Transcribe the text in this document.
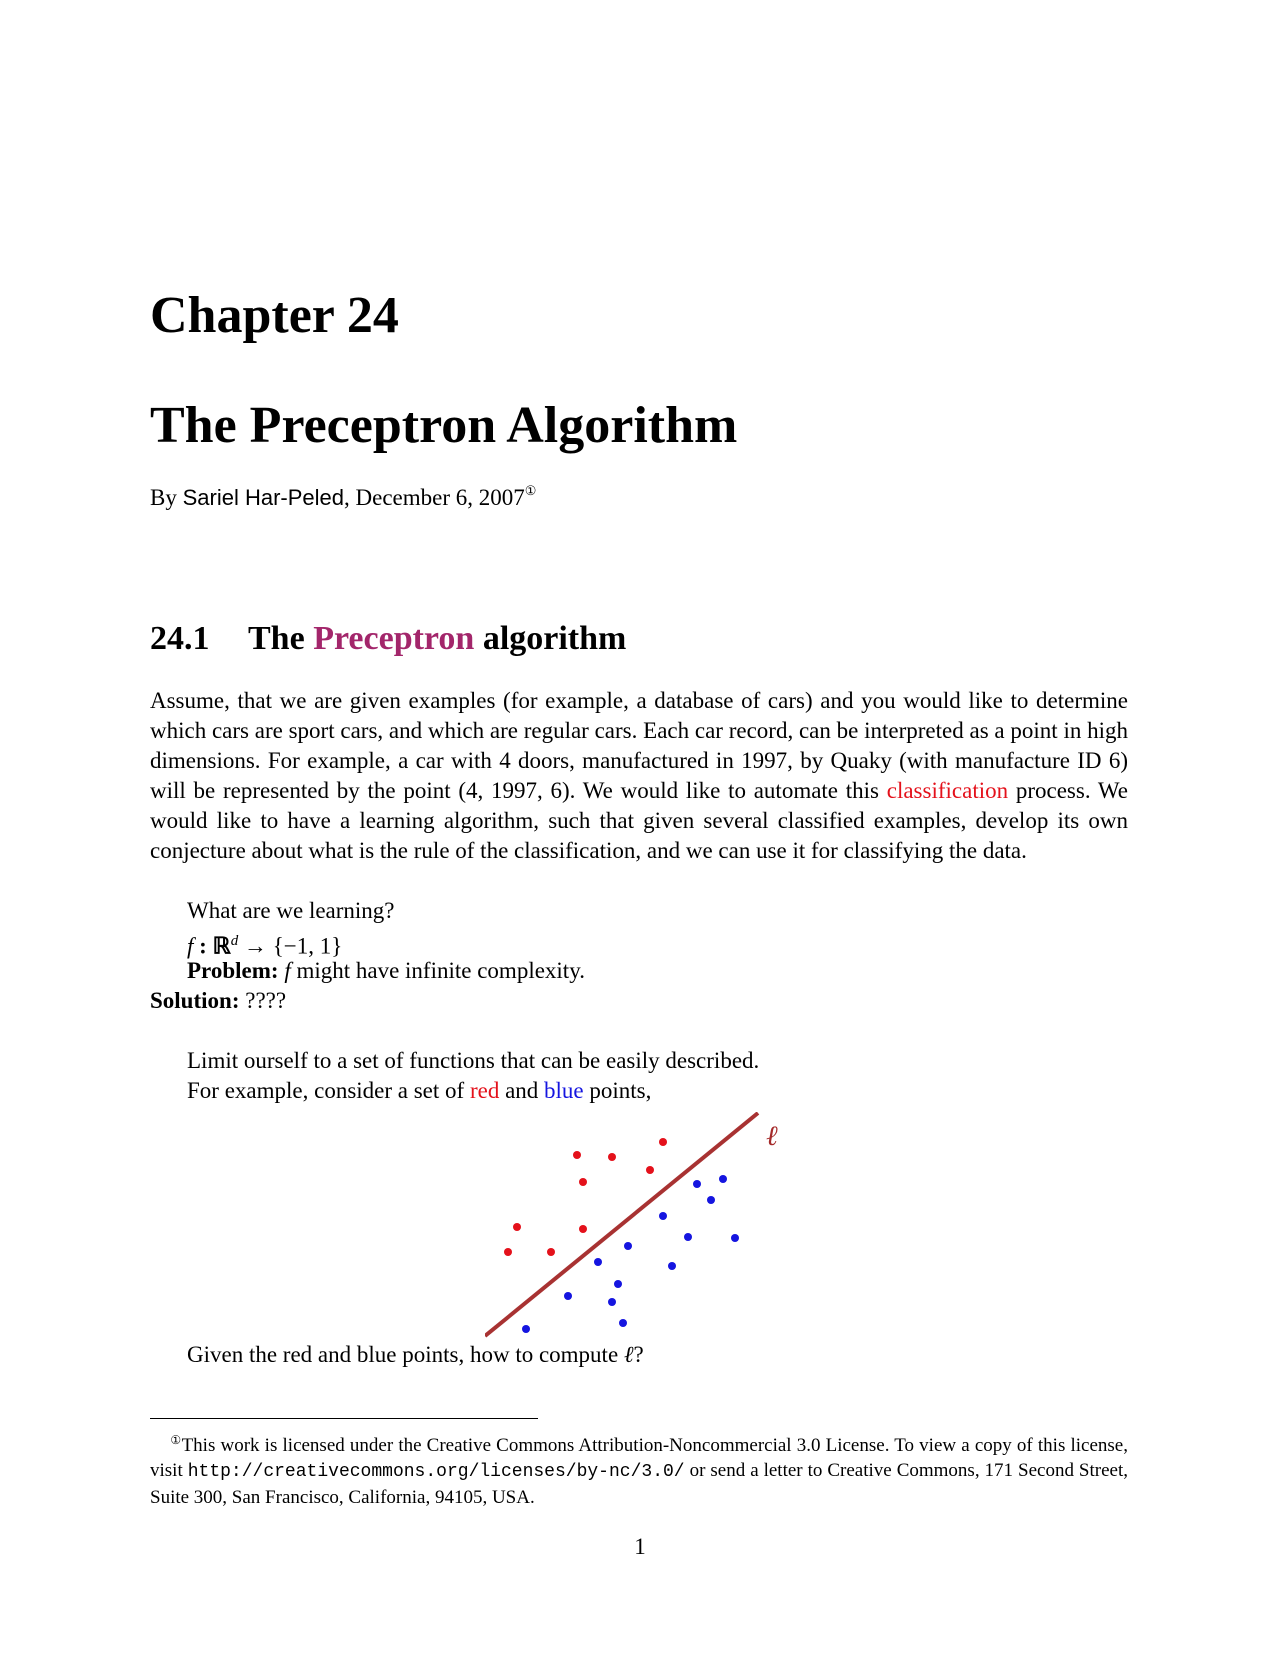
Chapter 24
The Preceptron Algorithm
By Sariel Har-Peled, December 6, 2007①
24.1 The Preceptron algorithm
Assume, that we are given examples (for example, a database of cars) and you would like to determine which cars are sport cars, and which are regular cars. Each car record, can be interpreted as a point in high dimensions. For example, a car with 4 doors, manufactured in 1997, by Quaky (with manufacture ID 6) will be represented by the point (4, 1997, 6). We would like to automate this classification process. We would like to have a learning algorithm, such that given several classified examples, develop its own conjecture about what is the rule of the classification, and we can use it for classifying the data.
What are we learning?
f : ℝ$^d$ → {−1, 1}
Problem: f might have infinite complexity.
Solution: ????
Limit ourself to a set of functions that can be easily described.
For example, consider a set of red and blue points,
ℓ
Given the red and blue points, how to compute ℓ?
①This work is licensed under the Creative Commons Attribution-Noncommercial 3.0 License. To view a copy of this license, visit http://creativecommons.org/licenses/by-nc/3.0/ or send a letter to Creative Commons, 171 Second Street, Suite 300, San Francisco, California, 94105, USA.
1
